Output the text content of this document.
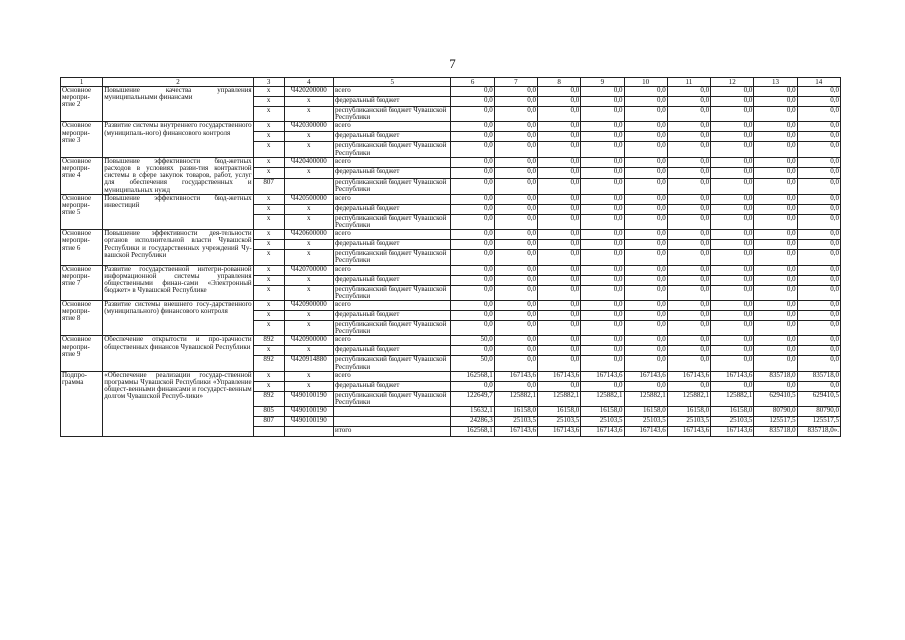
7
1	2	3	4	5	6	7	8	9	10	11	12	13	14
Основное меропри-ятие 2	Повышение качества управления муниципальными финансами	x	Ч420200000	всего	0,0	0,0	0,0	0,0	0,0	0,0	0,0	0,0	0,0
		x	x	федеральный бюджет	0,0	0,0	0,0	0,0	0,0	0,0	0,0	0,0	0,0
		x	x	республиканский бюджет Чувашской Республики	0,0	0,0	0,0	0,0	0,0	0,0	0,0	0,0	0,0
Основное меропри-ятие 3	Развитие системы внутреннего государственного (муниципаль-ного) финансового контроля	x	Ч420300000	всего	0,0	0,0	0,0	0,0	0,0	0,0	0,0	0,0	0,0
		x	x	федеральный бюджет	0,0	0,0	0,0	0,0	0,0	0,0	0,0	0,0	0,0
		x	x	республиканский бюджет Чувашской Республики	0,0	0,0	0,0	0,0	0,0	0,0	0,0	0,0	0,0
Основное меропри-ятие 4	Повышение эффективности бюд-жетных расходов в условиях разви-тия контрактной системы в сфере закупок товаров, работ, услуг для обеспечения государственных и муниципальных нужд	x	Ч420400000	всего	0,0	0,0	0,0	0,0	0,0	0,0	0,0	0,0	0,0
		x	x	федеральный бюджет	0,0	0,0	0,0	0,0	0,0	0,0	0,0	0,0	0,0
		807		республиканский бюджет Чувашской Республики	0,0	0,0	0,0	0,0	0,0	0,0	0,0	0,0	0,0
Основное меропри-ятие 5	Повышение эффективности бюд-жетных инвестиций	x	Ч420500000	всего	0,0	0,0	0,0	0,0	0,0	0,0	0,0	0,0	0,0
		x	x	федеральный бюджет	0,0	0,0	0,0	0,0	0,0	0,0	0,0	0,0	0,0
		x	x	республиканский бюджет Чувашской Республики	0,0	0,0	0,0	0,0	0,0	0,0	0,0	0,0	0,0
Основное меропри-ятие 6	Повышение эффективности дея-тельности органов исполнительной власти Чувашской Республики и государственных учреждений Чу-вашской Республики	x	Ч420600000	всего	0,0	0,0	0,0	0,0	0,0	0,0	0,0	0,0	0,0
		x	x	федеральный бюджет	0,0	0,0	0,0	0,0	0,0	0,0	0,0	0,0	0,0
		x	x	республиканский бюджет Чувашской Республики	0,0	0,0	0,0	0,0	0,0	0,0	0,0	0,0	0,0
Основное меропри-ятие 7	Развитие государственной интегри-рованной информационной системы управления общественными финан-сами «Электронный бюджет» в Чувашской Республике	x	Ч420700000	всего	0,0	0,0	0,0	0,0	0,0	0,0	0,0	0,0	0,0
		x	x	федеральный бюджет	0,0	0,0	0,0	0,0	0,0	0,0	0,0	0,0	0,0
		x	x	республиканский бюджет Чувашской Республики	0,0	0,0	0,0	0,0	0,0	0,0	0,0	0,0	0,0
Основное меропри-ятие 8	Развитие системы внешнего госу-дарственного (муниципального) финансового контроля	x	Ч420900000	всего	0,0	0,0	0,0	0,0	0,0	0,0	0,0	0,0	0,0
		x	x	федеральный бюджет	0,0	0,0	0,0	0,0	0,0	0,0	0,0	0,0	0,0
		x	x	республиканский бюджет Чувашской Республики	0,0	0,0	0,0	0,0	0,0	0,0	0,0	0,0	0,0
Основное меропри-ятие 9	Обеспечение открытости и про-зрачности общественных финансов Чувашской Республики	892	Ч420900000	всего	50,0	0,0	0,0	0,0	0,0	0,0	0,0	0,0	0,0
		x	x	федеральный бюджет	0,0	0,0	0,0	0,0	0,0	0,0	0,0	0,0	0,0
		892	Ч420914880	республиканский бюджет Чувашской Республики	50,0	0,0	0,0	0,0	0,0	0,0	0,0	0,0	0,0
Подпро-грамма	«Обеспечение реализации государ-ственной программы Чувашской Республики «Управление общест-венными финансами и государст-венным долгом Чувашской Респуб-лики»	x	x	всего	162568,1	167143,6	167143,6	167143,6	167143,6	167143,6	167143,6	835718,0	835718,0
		x	x	федеральный бюджет	0,0	0,0	0,0	0,0	0,0	0,0	0,0	0,0	0,0
		892	Ч490100190	республиканский бюджет Чувашской Республики	122649,7	125882,1	125882,1	125882,1	125882,1	125882,1	125882,1	629410,5	629410,5
		805	Ч490100190		15632,1	16158,0	16158,0	16158,0	16158,0	16158,0	16158,0	80790,0	80790,0
		807	Ч490100190		24286,3	25103,5	25103,5	25103,5	25103,5	25103,5	25103,5	125517,5	125517,5
				итого	162568,1	167143,6	167143,6	167143,6	167143,6	167143,6	167143,6	835718,0	835718,0».
